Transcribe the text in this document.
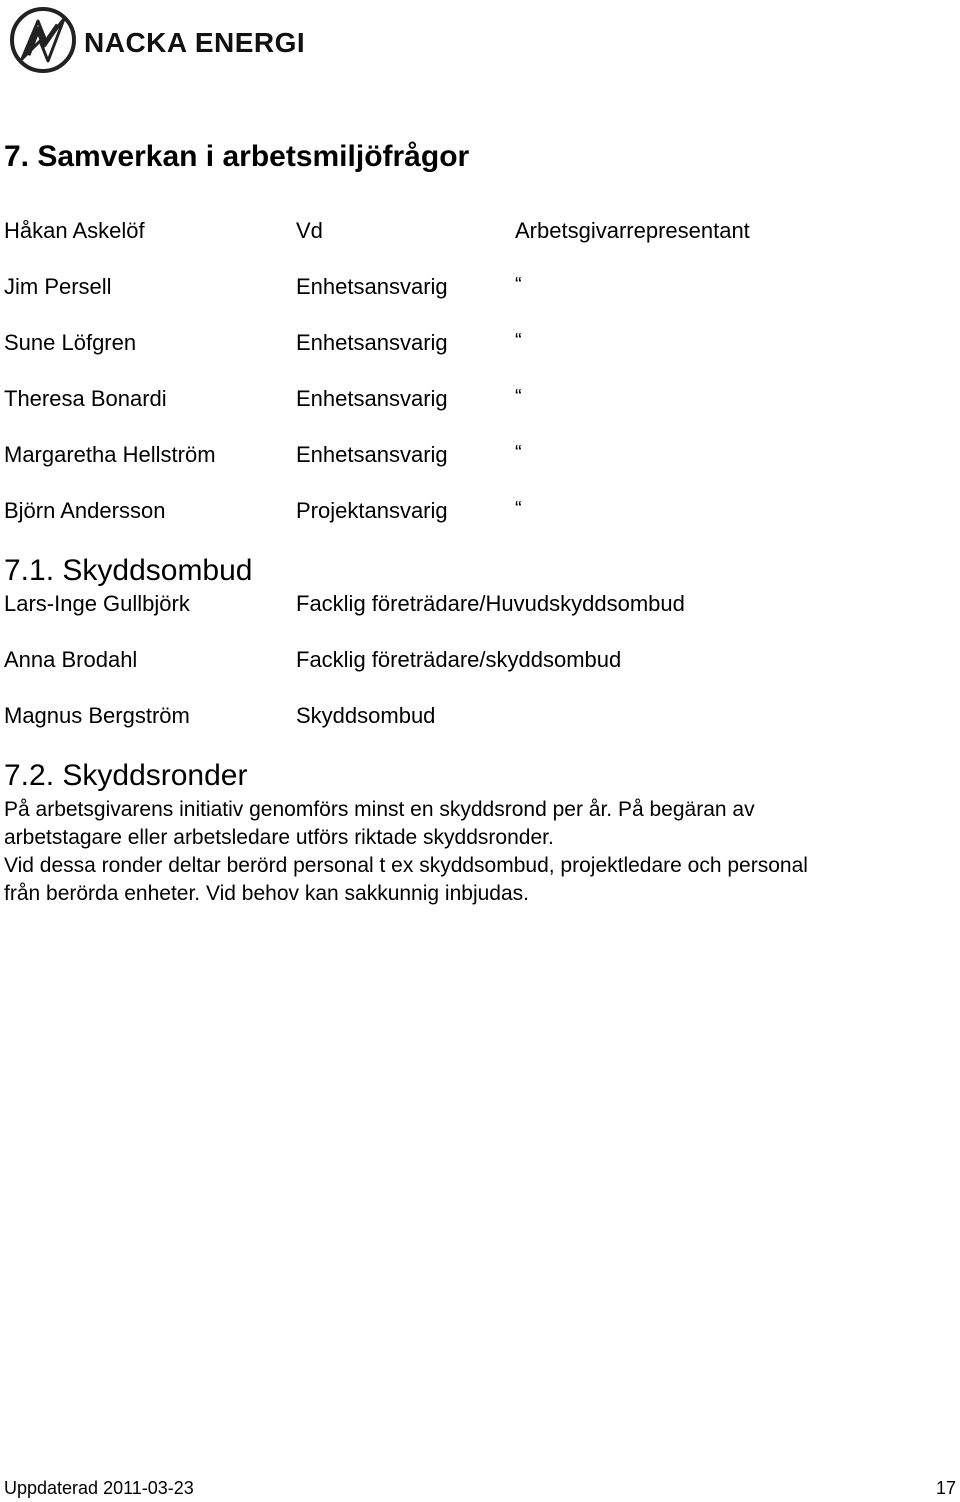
NACKA ENERGI
7. Samverkan i arbetsmiljöfrågor
Håkan Askelöf	Vd	Arbetsgivarrepresentant
Jim Persell	Enhetsansvarig	“
Sune Löfgren	Enhetsansvarig	“
Theresa Bonardi	Enhetsansvarig	“
Margaretha Hellström	Enhetsansvarig	“
Björn Andersson	Projektansvarig	“
7.1. Skyddsombud
Lars-Inge Gullbjörk	Facklig företrädare/Huvudskyddsombud
Anna Brodahl	Facklig företrädare/skyddsombud
Magnus Bergström	Skyddsombud
7.2. Skyddsronder
På arbetsgivarens initiativ genomförs minst en skyddsrond per år. På begäran av
arbetstagare eller arbetsledare utförs riktade skyddsronder.
Vid dessa ronder deltar berörd personal t ex skyddsombud, projektledare och personal
från berörda enheter. Vid behov kan sakkunnig inbjudas.
Uppdaterad 2011-03-23	17
